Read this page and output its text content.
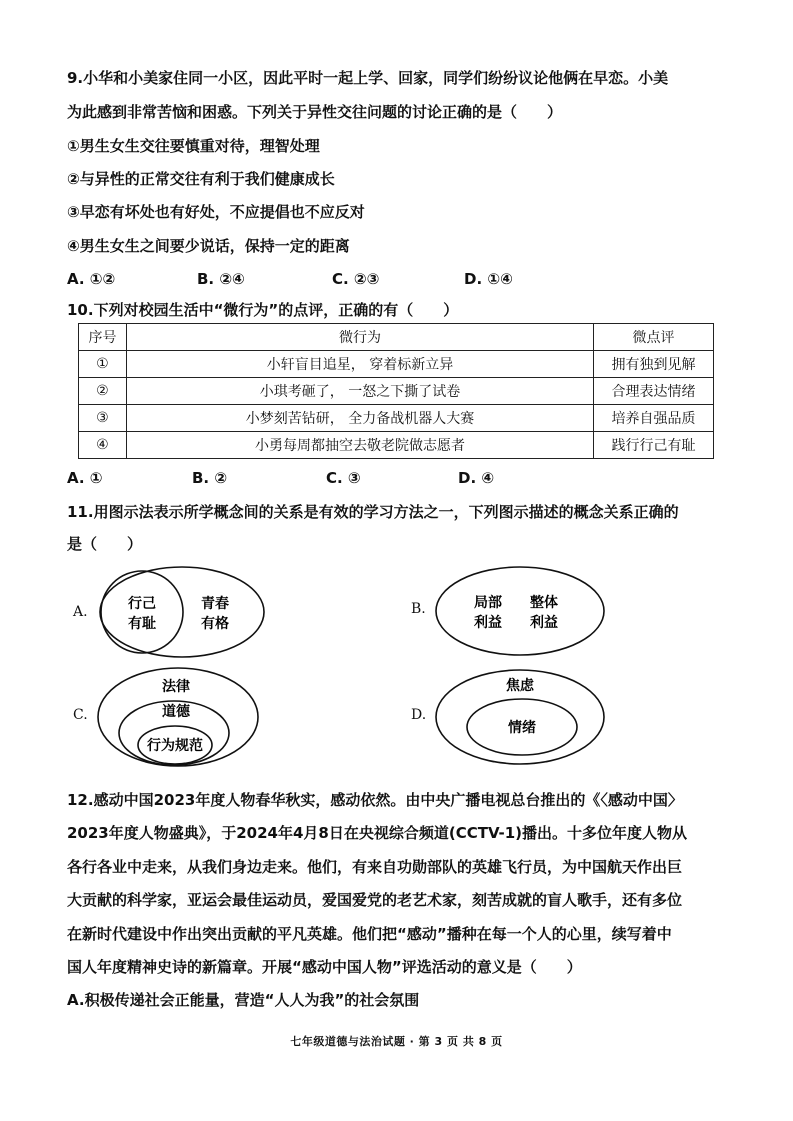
9.小华和小美家住同一小区，因此平时一起上学、回家，同学们纷纷议论他俩在早恋。小美
为此感到非常苦恼和困惑。下列关于异性交往问题的讨论正确的是（　　）
①男生女生交往要慎重对待，理智处理
②与异性的正常交往有利于我们健康成长
③早恋有坏处也有好处，不应提倡也不应反对
④男生女生之间要少说话，保持一定的距离
A. ①②	B. ②④	C. ②③	D. ①④
10.下列对校园生活中“微行为”的点评，正确的有（　　）
序号	微行为	微点评
①	小轩盲目追星， 穿着标新立异	拥有独到见解
②	小琪考砸了， 一怒之下撕了试卷	合理表达情绪
③	小梦刻苦钻研， 全力备战机器人大赛	培养自强品质
④	小勇每周都抽空去敬老院做志愿者	践行行己有耻
A. ①	B. ②	C. ③	D. ④
11.用图示法表示所学概念间的关系是有效的学习方法之一，下列图示描述的概念关系正确的
是（　　）
A.	行己
有耻
青春
有格
B.	局部
利益
整体
利益
C.
法律
道德
行为规范
D.
焦虑
情绪
12.感动中国2023年度人物春华秋实，感动依然。由中央广播电视总台推出的《〈感动中国〉
2023年度人物盛典》，于2024年4月8日在央视综合频道(CCTV-1)播出。十多位年度人物从
各行各业中走来，从我们身边走来。他们，有来自功勋部队的英雄飞行员，为中国航天作出巨
大贡献的科学家，亚运会最佳运动员，爱国爱党的老艺术家，刻苦成就的盲人歌手，还有多位
在新时代建设中作出突出贡献的平凡英雄。他们把“感动”播种在每一个人的心里，续写着中
国人年度精神史诗的新篇章。开展“感动中国人物”评选活动的意义是（　　）
A.积极传递社会正能量，营造“人人为我”的社会氛围
七年级道德与法治试题 · 第 3 页 共 8 页
